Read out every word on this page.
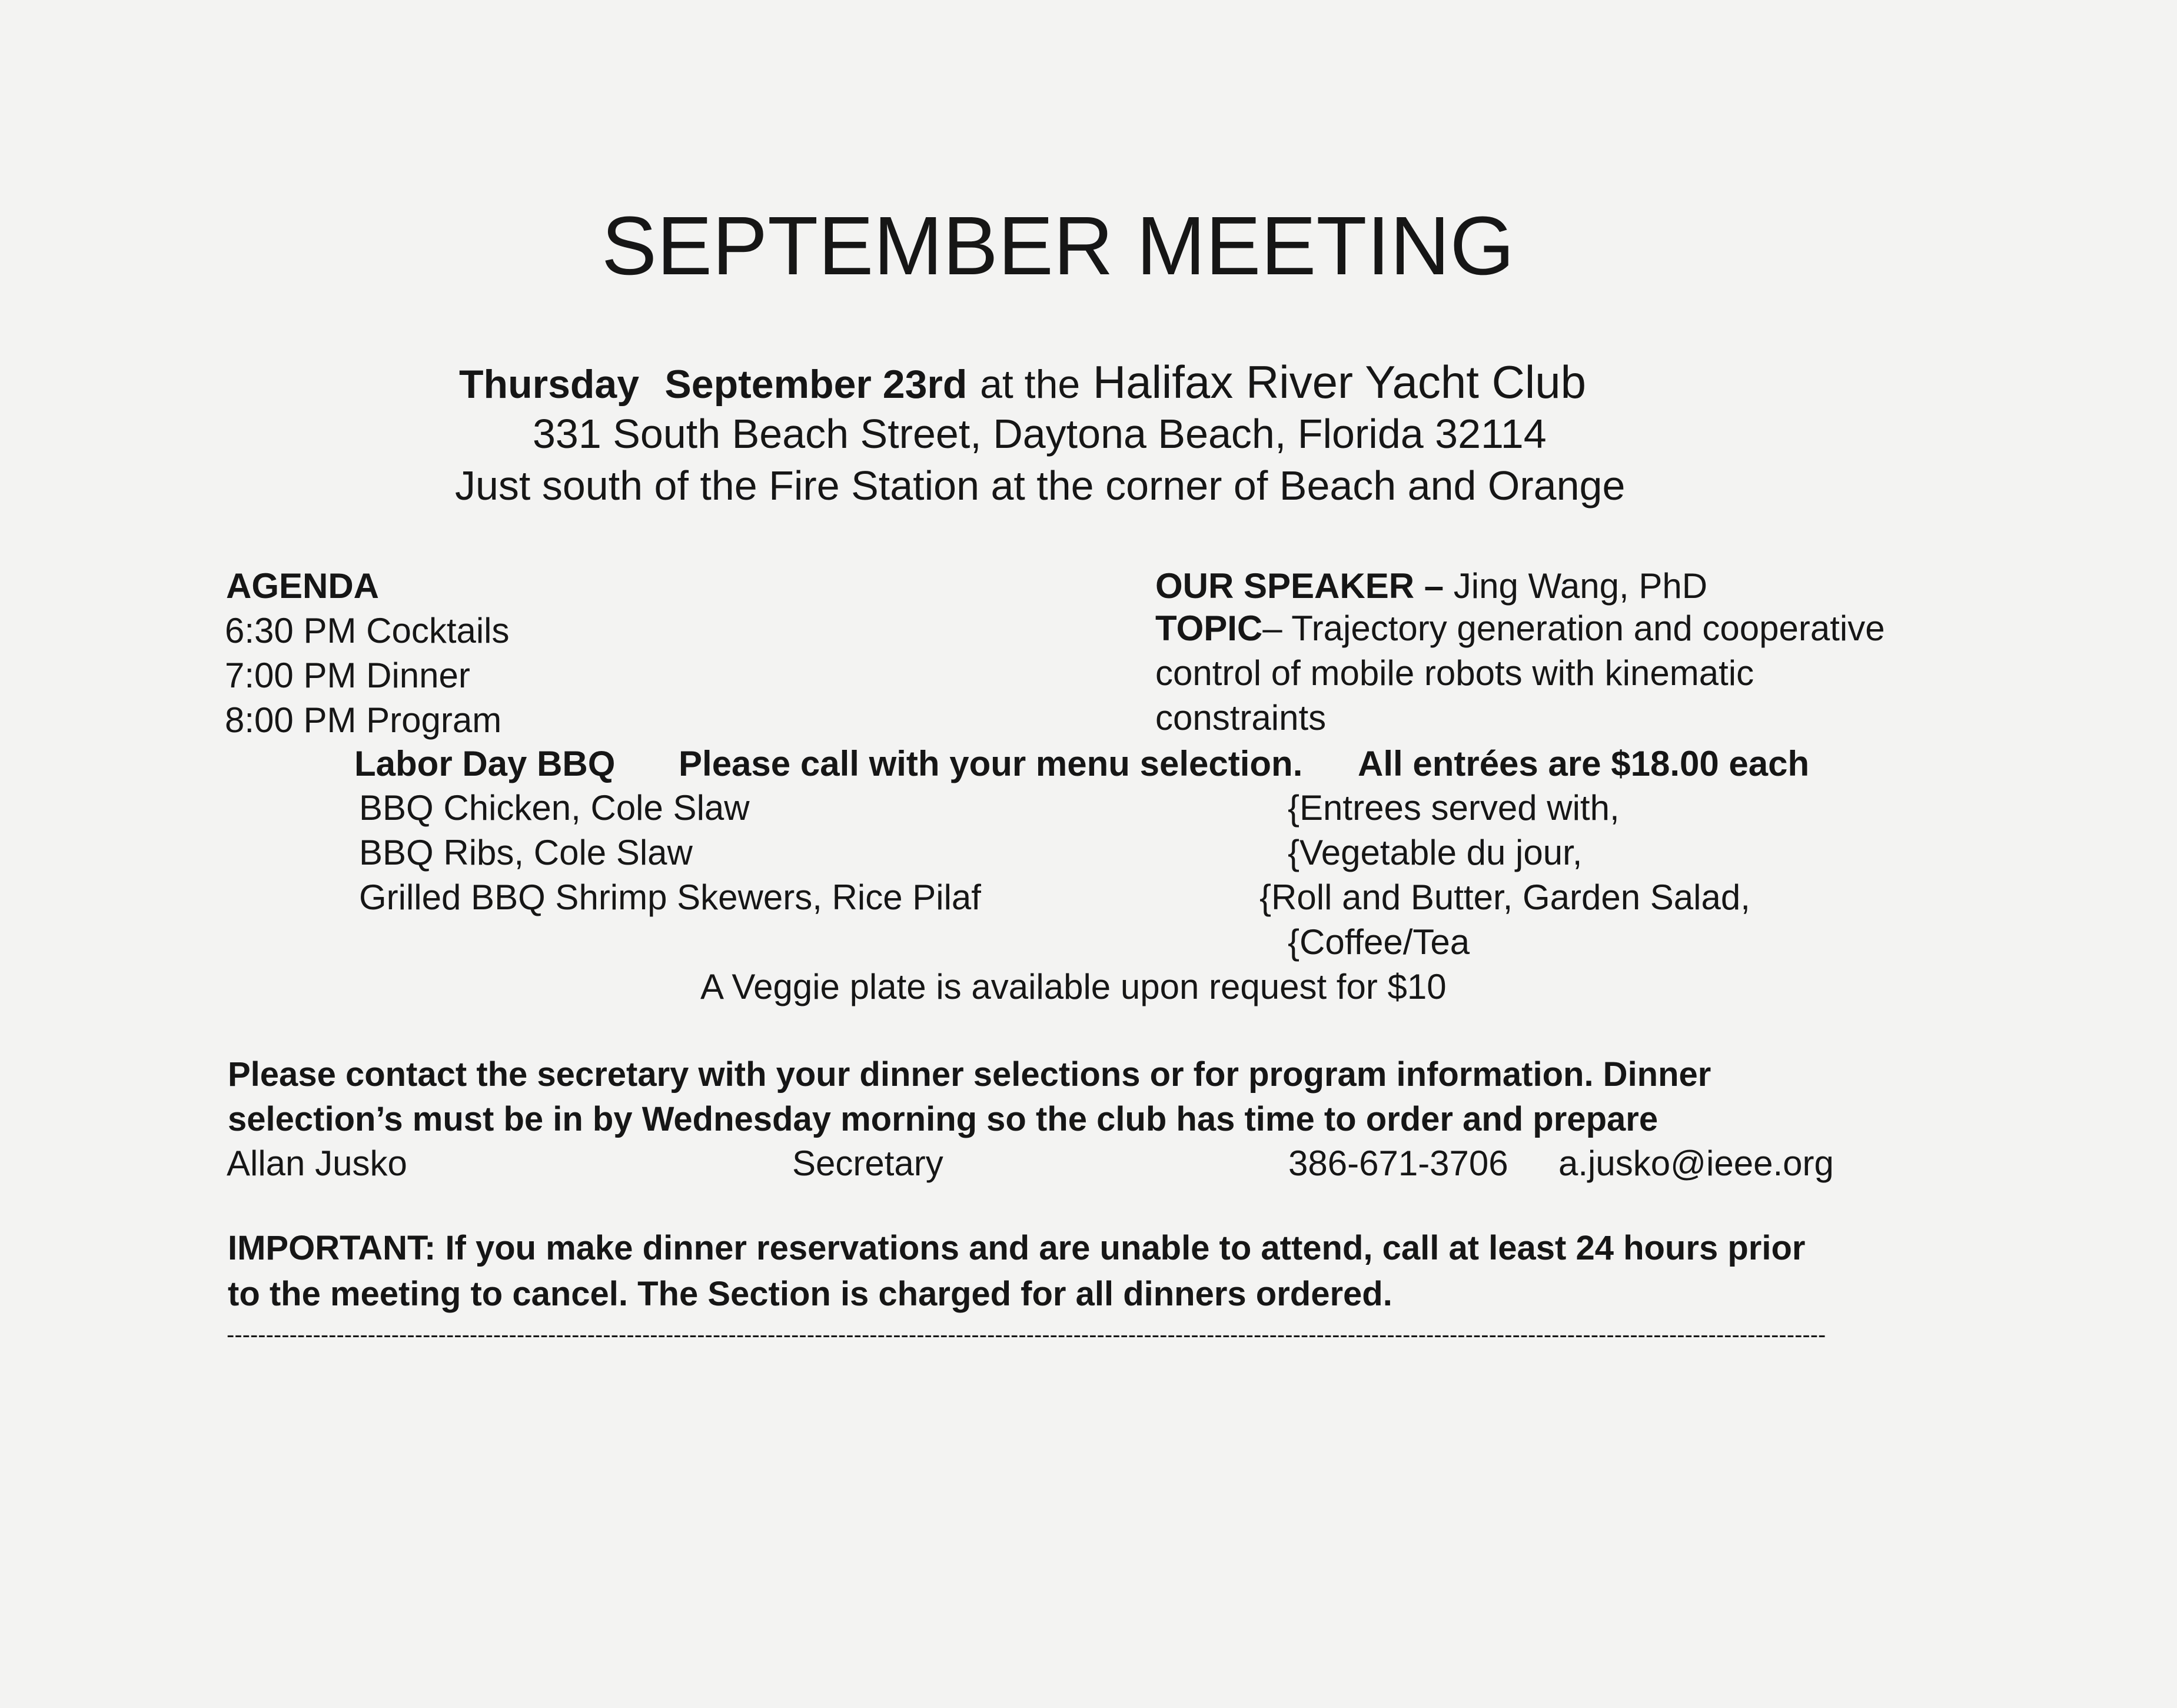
SEPTEMBER MEETING
Thursday September 23rd at the Halifax River Yacht Club
331 South Beach Street, Daytona Beach, Florida 32114
Just south of the Fire Station at the corner of Beach and Orange
AGENDA
6:30 PM Cocktails
7:00 PM Dinner
8:00 PM Program
OUR SPEAKER – Jing Wang, PhD
TOPIC– Trajectory generation and cooperative
control of mobile robots with kinematic
constraints
Labor Day BBQ Please call with your menu selection. All entrées are $18.00 each
BBQ Chicken, Cole Slaw
BBQ Ribs, Cole Slaw
Grilled BBQ Shrimp Skewers, Rice Pilaf
{Entrees served with,
{Vegetable du jour,
{Roll and Butter, Garden Salad,
{Coffee/Tea
A Veggie plate is available upon request for $10
Please contact the secretary with your dinner selections or for program information. Dinner
selection’s must be in by Wednesday morning so the club has time to order and prepare
Allan Jusko	Secretary	386-671-3706 a.jusko@ieee.org
IMPORTANT: If you make dinner reservations and are unable to attend, call at least 24 hours prior
to the meeting to cancel. The Section is charged for all dinners ordered.
------------------------------------------------------------------------------------------------------------------------------------------------------------------------------------------------------------
